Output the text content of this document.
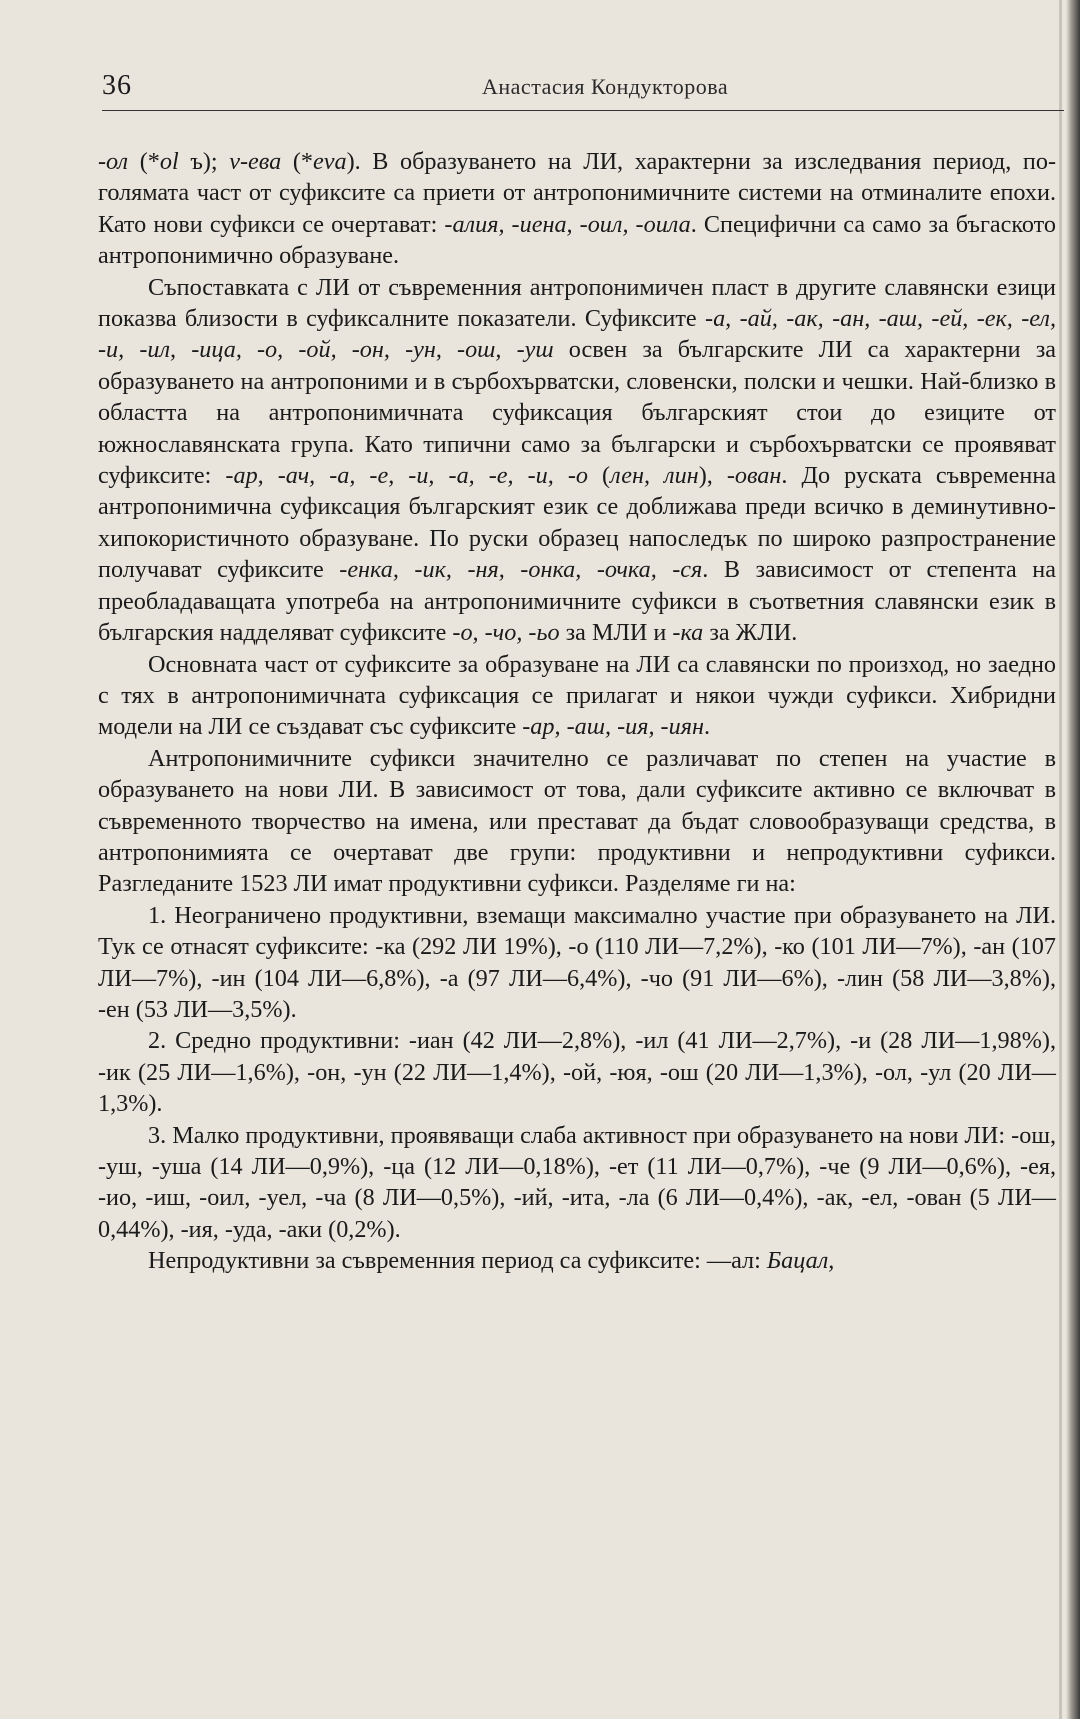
36	Анастасия Кондукторова

-ол (*ol ъ); v-ева (*eva). В образуването на ЛИ, характерни за изследвания период, по-голямата част от суфиксите са приети от антропонимичните системи на отминалите епохи. Като нови суфикси се очертават: -алия, -иена, -оил, -оила. Специфични са само за бъгаското антропонимично образуване.

Съпоставката с ЛИ от съвременния антропонимичен пласт в другите славянски езици показва близости в суфиксалните показатели. Суфиксите -а, -ай, -ак, -ан, -аш, -ей, -ек, -ел, -и, -ил, -ица, -о, -ой, -он, -ун, -ош, -уш освен за българските ЛИ са характерни за образуването на антропоними и в сърбохърватски, словенски, полски и чешки. Най-близко в областта на антропонимичната суфиксация българският стои до езиците от южнославянската група. Като типични само за български и сърбохърватски се проявяват суфиксите: -ар, -ач, -а, -е, -и, -а, -е, -и, -о (лен, лин), -ован. До руската съвременна антропонимична суфиксация българският език се доближава преди всичко в деминутивно-хипокористичното образуване. По руски образец напоследък по широко разпространение получават суфиксите -енка, -ик, -ня, -онка, -очка, -ся. В зависимост от степента на преобладаващата употреба на антропонимичните суфикси в съответния славянски език в българския надделяват суфиксите -о, -чо, -ьо за МЛИ и -ка за ЖЛИ.

Основната част от суфиксите за образуване на ЛИ са славянски по произход, но заедно с тях в антропонимичната суфиксация се прилагат и някои чужди суфикси. Хибридни модели на ЛИ се създават със суфиксите -ар, -аш, -ия, -иян.

Антропонимичните суфикси значително се различават по степен на участие в образуването на нови ЛИ. В зависимост от това, дали суфиксите активно се включват в съвременното творчество на имена, или престават да бъдат словообразуващи средства, в антропонимията се очертават две групи: продуктивни и непродуктивни суфикси. Разгледаните 1523 ЛИ имат продуктивни суфикси. Разделяме ги на:

1. Неограничено продуктивни, вземащи максимално участие при образуването на ЛИ. Тук се отнасят суфиксите: -ка (292 ЛИ 19%), -о (110 ЛИ—7,2%), -ко (101 ЛИ—7%), -ан (107 ЛИ—7%), -ин (104 ЛИ—6,8%), -а (97 ЛИ—6,4%), -чо (91 ЛИ—6%), -лин (58 ЛИ—3,8%), -ен (53 ЛИ—3,5%).

2. Средно продуктивни: -иан (42 ЛИ—2,8%), -ил (41 ЛИ—2,7%), -и (28 ЛИ—1,98%), -ик (25 ЛИ—1,6%), -он, -ун (22 ЛИ—1,4%), -ой, -юя, -ош (20 ЛИ—1,3%), -ол, -ул (20 ЛИ—1,3%).

3. Малко продуктивни, проявяващи слаба активност при образуването на нови ЛИ: -ош, -уш, -уша (14 ЛИ—0,9%), -ца (12 ЛИ—0,18%), -ет (11 ЛИ—0,7%), -че (9 ЛИ—0,6%), -ея, -ио, -иш, -оил, -уел, -ча (8 ЛИ—0,5%), -ий, -ита, -ла (6 ЛИ—0,4%), -ак, -ел, -ован (5 ЛИ—0,44%), -ия, -уда, -аки (0,2%).

Непродуктивни за съвременния период са суфиксите: —ал: Бацал,
